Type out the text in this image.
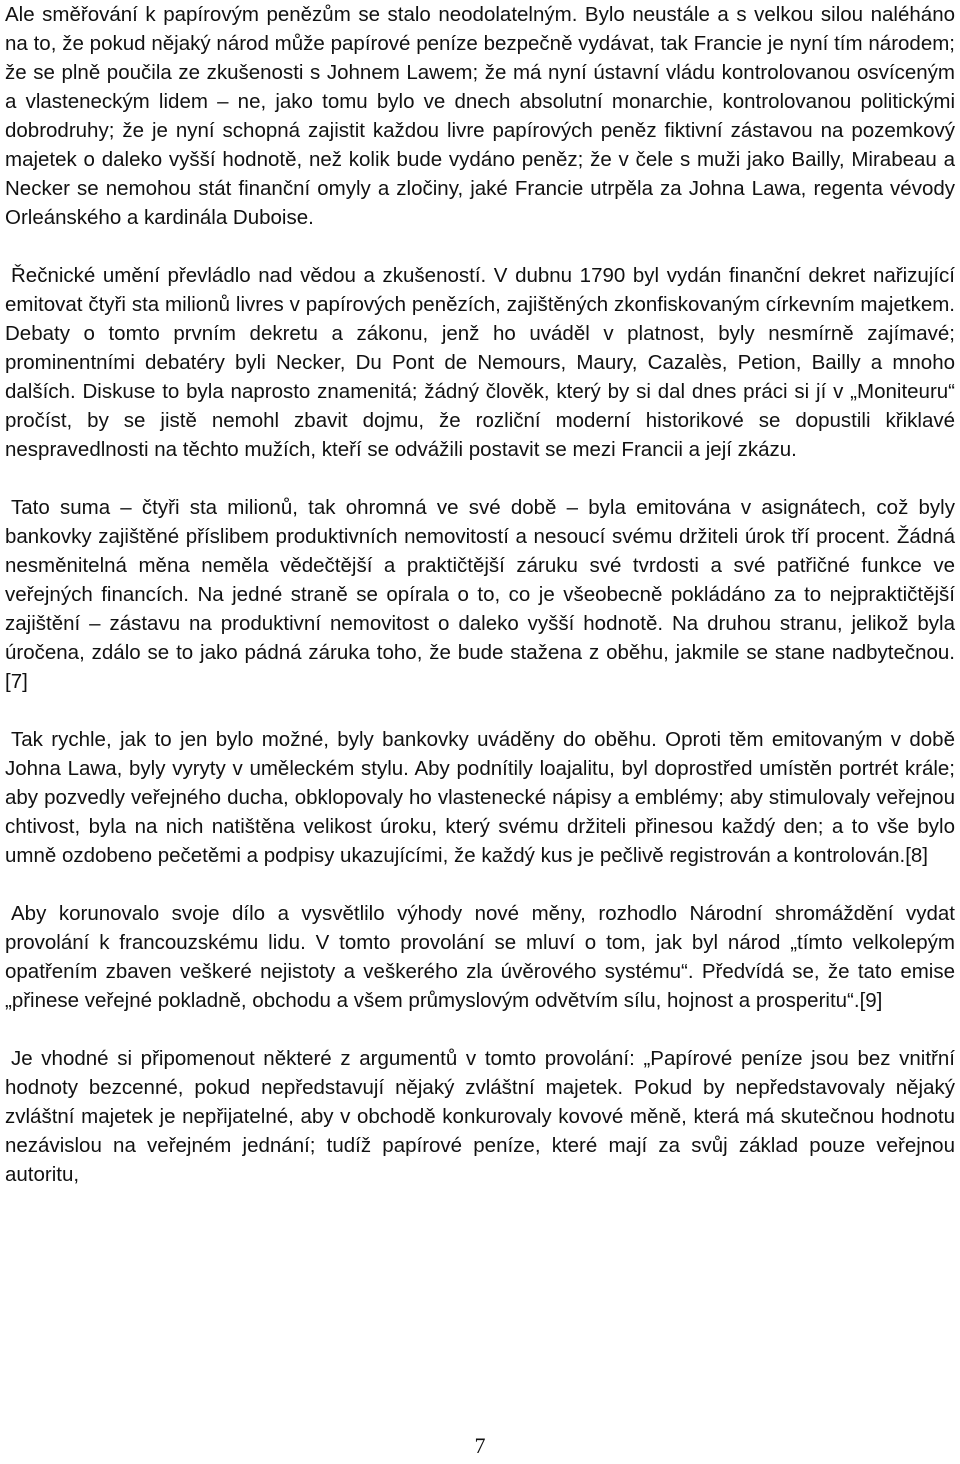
Ale směřování k papírovým penězům se stalo neodolatelným. Bylo neustále a s velkou silou naléháno na to, že pokud nějaký národ může papírové peníze bezpečně vydávat, tak Francie je nyní tím národem; že se plně poučila ze zkušenosti s Johnem Lawem; že má nyní ústavní vládu kontrolovanou osvíceným a vlasteneckým lidem – ne, jako tomu bylo ve dnech absolutní monarchie, kontrolovanou politickými dobrodruhy; že je nyní schopná zajistit každou livre papírových peněz fiktivní zástavou na pozemkový majetek o daleko vyšší hodnotě, než kolik bude vydáno peněz; že v čele s muži jako Bailly, Mirabeau a Necker se nemohou stát finanční omyly a zločiny, jaké Francie utrpěla za Johna Lawa, regenta vévody Orleánského a kardinála Duboise.

Řečnické umění převládlo nad vědou a zkušeností. V dubnu 1790 byl vydán finanční dekret nařizující emitovat čtyři sta milionů livres v papírových penězích, zajištěných zkonfiskovaným církevním majetkem. Debaty o tomto prvním dekretu a zákonu, jenž ho uváděl v platnost, byly nesmírně zajímavé; prominentními debatéry byli Necker, Du Pont de Nemours, Maury, Cazalès, Petion, Bailly a mnoho dalších. Diskuse to byla naprosto znamenitá; žádný člověk, který by si dal dnes práci si jí v „Moniteuru“ pročíst, by se jistě nemohl zbavit dojmu, že rozliční moderní historikové se dopustili křiklavé nespravedlnosti na těchto mužích, kteří se odvážili postavit se mezi Francii a její zkázu.

Tato suma – čtyři sta milionů, tak ohromná ve své době – byla emitována v asignátech, což byly bankovky zajištěné příslibem produktivních nemovitostí a nesoucí svému držiteli úrok tří procent. Žádná nesměnitelná měna neměla vědečtější a praktičtější záruku své tvrdosti a své patřičné funkce ve veřejných financích. Na jedné straně se opírala o to, co je všeobecně pokládáno za to nejpraktičtější zajištění – zástavu na produktivní nemovitost o daleko vyšší hodnotě. Na druhou stranu, jelikož byla úročena, zdálo se to jako pádná záruka toho, že bude stažena z oběhu, jakmile se stane nadbytečnou.[7]

Tak rychle, jak to jen bylo možné, byly bankovky uváděny do oběhu. Oproti těm emitovaným v době Johna Lawa, byly vyryty v uměleckém stylu. Aby podnítily loajalitu, byl doprostřed umístěn portrét krále; aby pozvedly veřejného ducha, obklopovaly ho vlastenecké nápisy a emblémy; aby stimulovaly veřejnou chtivost, byla na nich natištěna velikost úroku, který svému držiteli přinesou každý den; a to vše bylo umně ozdobeno pečetěmi a podpisy ukazujícími, že každý kus je pečlivě registrován a kontrolován.[8]

Aby korunovalo svoje dílo a vysvětlilo výhody nové měny, rozhodlo Národní shromáždění vydat provolání k francouzskému lidu. V tomto provolání se mluví o tom, jak byl národ „tímto velkolepým opatřením zbaven veškeré nejistoty a veškerého zla úvěrového systému“. Předvídá se, že tato emise „přinese veřejné pokladně, obchodu a všem průmyslovým odvětvím sílu, hojnost a prosperitu“.[9]

Je vhodné si připomenout některé z argumentů v tomto provolání: „Papírové peníze jsou bez vnitřní hodnoty bezcenné, pokud nepředstavují nějaký zvláštní majetek. Pokud by nepředstavovaly nějaký zvláštní majetek je nepřijatelné, aby v obchodě konkurovaly kovové měně, která má skutečnou hodnotu nezávislou na veřejném jednání; tudíž papírové peníze, které mají za svůj základ pouze veřejnou autoritu,

7
